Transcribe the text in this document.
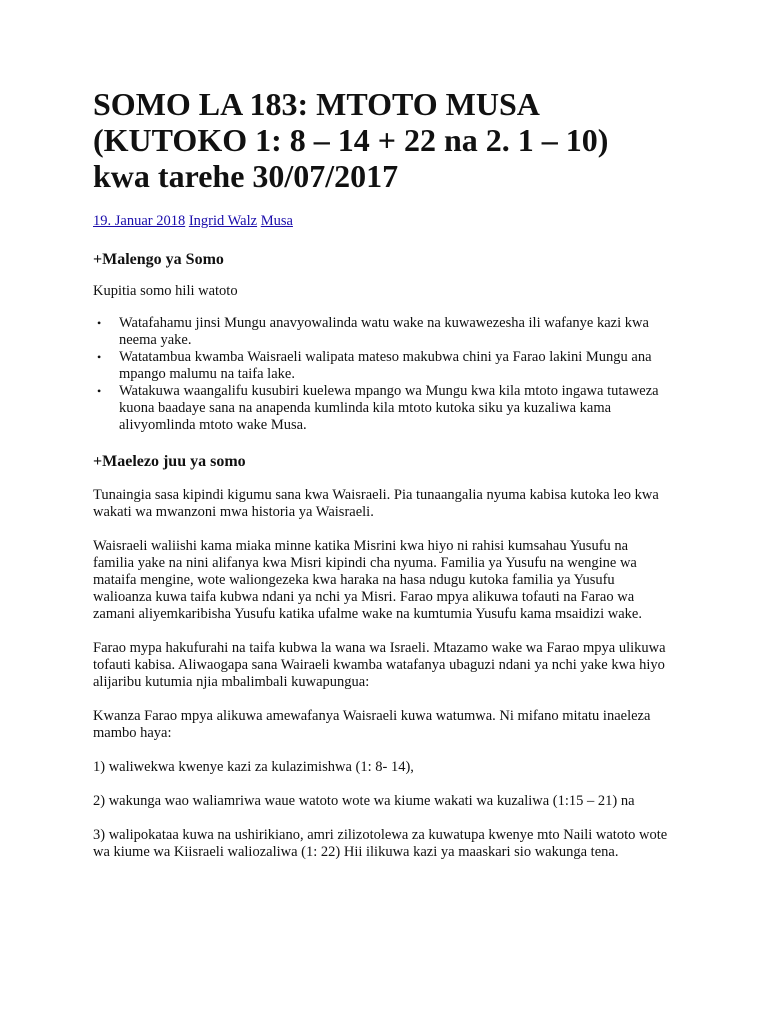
SOMO LA 183: MTOTO MUSA (KUTOKO 1: 8 – 14 + 22 na 2. 1 – 10) kwa tarehe 30/07/2017
19. Januar 2018 Ingrid Walz Musa
+Malengo ya Somo

Kupitia somo hili watoto

• Watafahamu jinsi Mungu anavyowalinda watu wake na kuwawezesha ili wafanye kazi kwa neema yake.
• Watatambua kwamba Waisraeli walipata mateso makubwa chini ya Farao lakini Mungu ana mpango malumu na taifa lake.
• Watakuwa waangalifu kusubiri kuelewa mpango wa Mungu kwa kila mtoto ingawa tutaweza kuona baadaye sana na anapenda kumlinda kila mtoto kutoka siku ya kuzaliwa kama alivyomlinda mtoto wake Musa.
+Maelezo juu ya somo

Tunaingia sasa kipindi kigumu sana kwa Waisraeli. Pia tunaangalia nyuma kabisa kutoka leo kwa wakati wa mwanzoni mwa historia ya Waisraeli.

Waisraeli waliishi kama miaka minne katika Misrini kwa hiyo ni rahisi kumsahau Yusufu na familia yake na nini alifanya kwa Misri kipindi cha nyuma. Familia ya Yusufu na wengine wa mataifa mengine, wote waliongezeka kwa haraka na hasa ndugu kutoka familia ya Yusufu walioanza kuwa taifa kubwa ndani ya nchi ya Misri. Farao mpya alikuwa tofauti na Farao wa zamani aliyemkaribisha Yusufu katika ufalme wake na kumtumia Yusufu kama msaidizi wake.

Farao mypa hakufurahi na taifa kubwa la wana wa Israeli. Mtazamo wake wa Farao mpya ulikuwa tofauti kabisa. Aliwaogapa sana Wairaeli kwamba watafanya ubaguzi ndani ya nchi yake kwa hiyo alijaribu kutumia njia mbalimbali kuwapungua:

Kwanza Farao mpya alikuwa amewafanya Waisraeli kuwa watumwa. Ni mifano mitatu inaeleza mambo haya:

1) waliwekwa kwenye kazi za kulazimishwa (1: 8- 14),

2) wakunga wao waliamriwa waue watoto wote wa kiume wakati wa kuzaliwa (1:15 – 21) na

3) walipokataa kuwa na ushirikiano, amri zilizotolewa za kuwatupa kwenye mto Naili watoto wote wa kiume wa Kiisraeli waliozaliwa (1: 22) Hii ilikuwa kazi ya maaskari sio wakunga tena.
